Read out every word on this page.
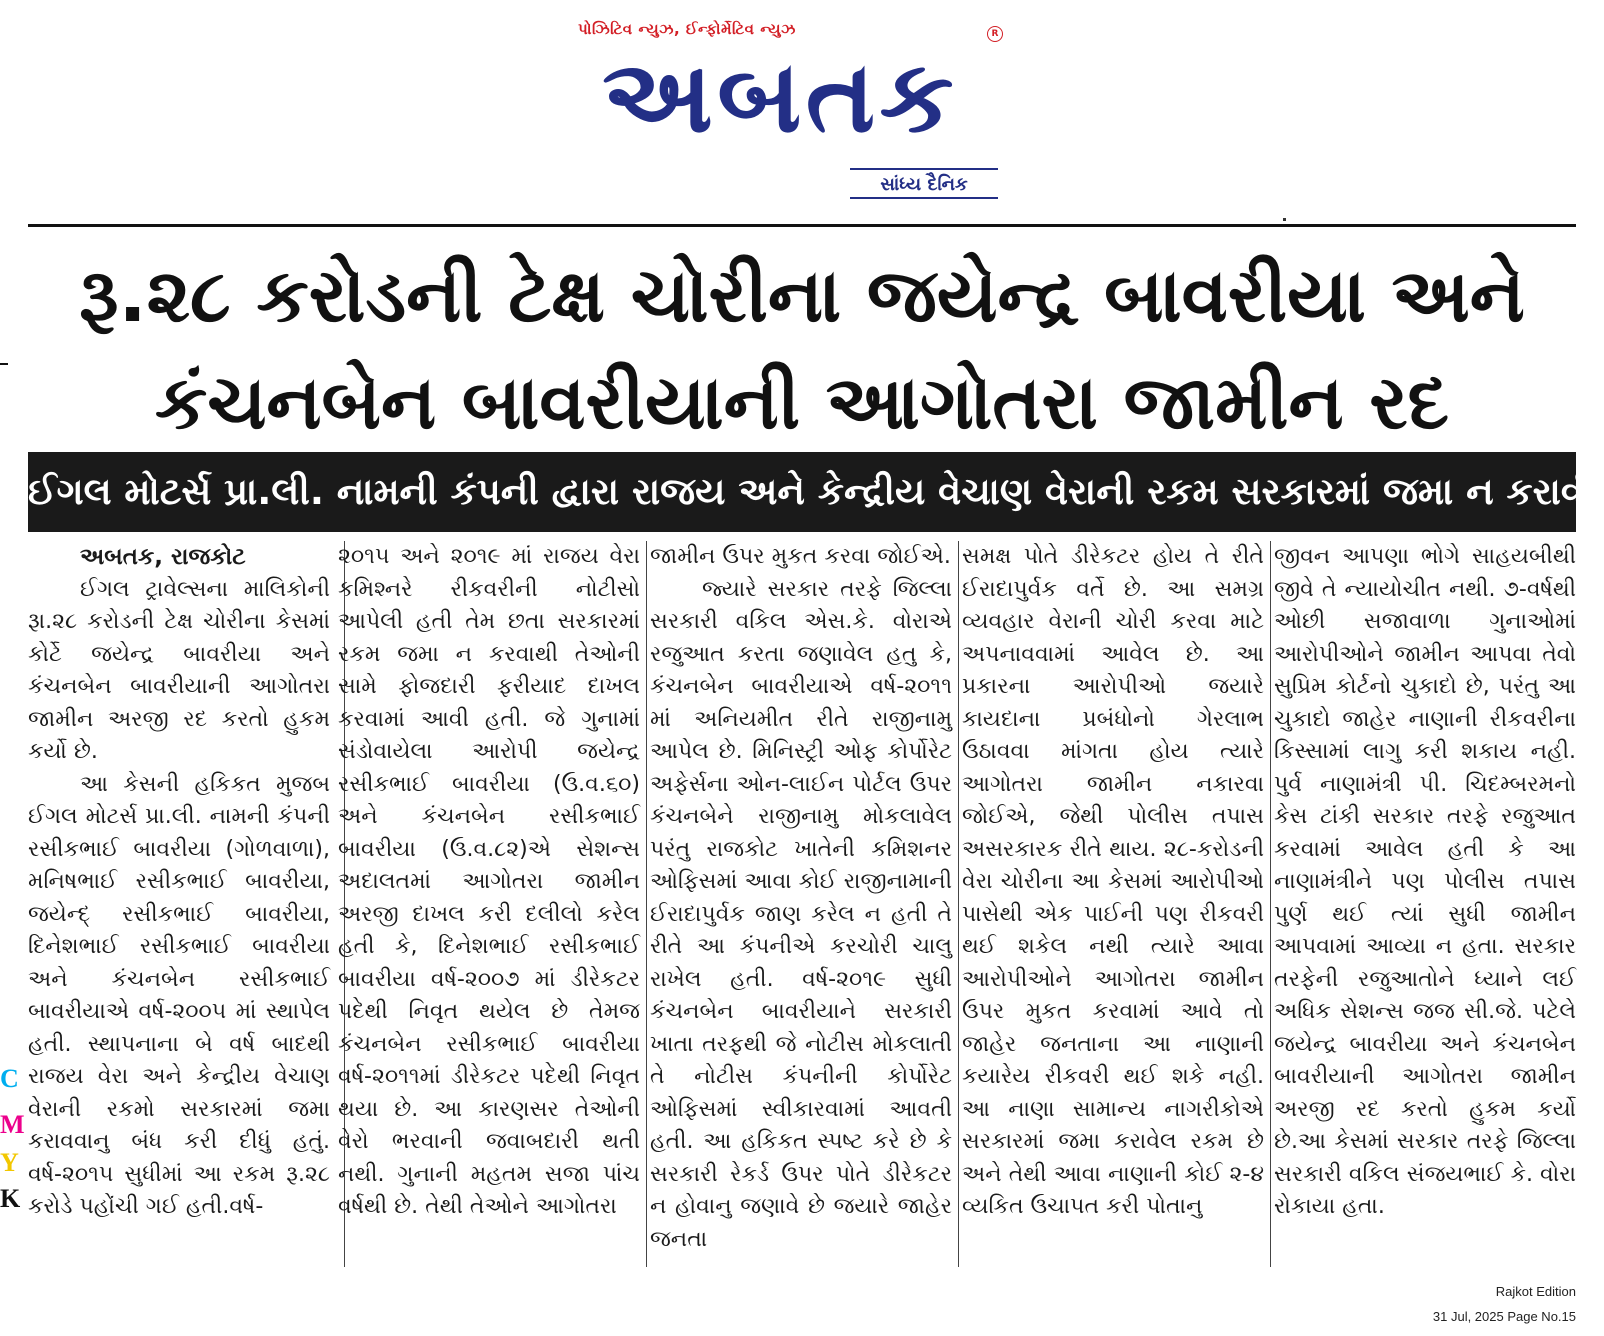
પોઝિટિવ ન્યુઝ, ઈન્ફોર્મેટિવ ન્યુઝ
અબતક
R
સાંધ્ય દૈનિક
રૂ.૨૮ કરોડની ટેક્ષ ચોરીના જયેન્દ્ર બાવરીયા અને
કંચનબેન બાવરીયાની આગોતરા જામીન રદ
ઈગલ મોટર્સ પ્રા.લી. નામની કંપની દ્વારા રાજય અને કેન્દ્રીય વેચાણ વેરાની રકમ સરકારમાં જમા ન કરાવી

અબતક, રાજકોટ

ઈગલ ટ્રાવેલ્સના માલિકોની રૂા.૨૮ કરોડની ટેક્ષ ચોરીના કેસમાં કોર્ટે જયેન્દ્ર બાવરીયા અને કંચનબેન બાવરીયાની આગોતરા જામીન અરજી રદ કરતો હુકમ કર્યો છે.

આ કેસની હકિકત મુજબ ઈગલ મોટર્સ પ્રા.લી. નામની કંપની રસીકભાઈ બાવરીયા (ગોળવાળા), મનિષભાઈ રસીકભાઈ બાવરીયા, જયેન્દ્ રસીકભાઈ બાવરીયા, દિનેશભાઈ રસીકભાઈ બાવરીયા અને કંચનબેન રસીકભાઈ બાવરીયાએ વર્ષ-૨૦૦૫ માં સ્થાપેલ હતી. સ્થાપનાના બે વર્ષ બાદથી રાજય વેરા અને કેન્દ્રીય વેચાણ વેરાની રકમો સરકારમાં જમા કરાવવાનુ બંધ કરી દીધું હતું. વર્ષ-૨૦૧૫ સુધીમાં આ રકમ રૂ.૨૮ કરોડે પહોંચી ગઈ હતી.વર્ષ-

૨૦૧૫ અને ૨૦૧૯ માં રાજય વેરા કમિશ્નરે રીકવરીની નોટીસો આપેલી હતી તેમ છતા સરકારમાં રકમ જમા ન કરવાથી તેઓની સામે ફોજદારી ફરીયાદ દાખલ કરવામાં આવી હતી. જે ગુનામાં સંડોવાયેલા આરોપી જયેન્દ્ર રસીકભાઈ બાવરીયા (ઉ.વ.૬૦) અને કંચનબેન રસીકભાઈ બાવરીયા (ઉ.વ.૮૨)એ સેશન્સ અદાલતમાં આગોતરા જામીન અરજી દાખલ કરી દલીલો કરેલ હતી કે, દિનેશભાઈ રસીકભાઈ બાવરીયા વર્ષ-૨૦૦૭ માં ડીરેકટર પદેથી નિવૃત થયેલ છે તેમજ કંચનબેન રસીકભાઈ બાવરીયા વર્ષ-૨૦૧૧માં ડીરેકટર પદેથી નિવૃત થયા છે. આ કારણસર તેઓની વેરો ભરવાની જવાબદારી થતી નથી. ગુનાની મહતમ સજા પાંચ વર્ષથી છે. તેથી તેઓને આગોતરા

જામીન ઉપર મુકત કરવા જોઈએ.

જ્યારે સરકાર તરફે જિલ્લા સરકારી વકિલ એસ.કે. વોરાએ રજુઆત કરતા જણાવેલ હતુ કે, કંચનબેન બાવરીયાએ વર્ષ-૨૦૧૧ માં અનિયમીત રીતે રાજીનામુ આપેલ છે. મિનિસ્ટ્રી ઓફ કોર્પોરેટ અફેર્સના ઓન-લાઈન પોર્ટલ ઉપર કંચનબેને રાજીનામુ મોકલાવેલ પરંતુ રાજકોટ ખાતેની કમિશનર ઓફિસમાં આવા કોઈ રાજીનામાની ઈરાદાપુર્વક જાણ કરેલ ન હતી તે રીતે આ કંપનીએ કરચોરી ચાલુ રાખેલ હતી. વર્ષ-૨૦૧૯ સુધી કંચનબેન બાવરીયાને સરકારી ખાતા તરફથી જે નોટીસ મોકલાતી તે નોટીસ કંપનીની કોર્પોરેટ ઓફિસમાં સ્વીકારવામાં આવતી હતી. આ હકિકત સ્પષ્ટ કરે છે કે સરકારી રેકર્ડ ઉપર પોતે ડીરેકટર ન હોવાનુ જણાવે છે જયારે જાહેર જનતા

સમક્ષ પોતે ડીરેકટર હોય તે રીતે ઈરાદાપુર્વક વર્તે છે. આ સમગ્ર વ્યવહાર વેરાની ચોરી કરવા માટે અપનાવવામાં આવેલ છે. આ પ્રકારના આરોપીઓ જયારે કાયદાના પ્રબંધોનો ગેરલાભ ઉઠાવવા માંગતા હોય ત્યારે આગોતરા જામીન નકારવા જોઈએ, જેથી પોલીસ તપાસ અસરકારક રીતે થાય. ૨૮-કરોડની વેરા ચોરીના આ કેસમાં આરોપીઓ પાસેથી એક પાઈની પણ રીકવરી થઈ શકેલ નથી ત્યારે આવા આરોપીઓને આગોતરા જામીન ઉપર મુકત કરવામાં આવે તો જાહેર જનતાના આ નાણાની કયારેય રીકવરી થઈ શકે નહી. આ નાણા સામાન્ય નાગરીકોએ સરકારમાં જમા કરાવેલ રકમ છે અને તેથી આવા નાણાની કોઈ ૨-૪ વ્યકિત ઉચાપત કરી પોતાનુ

જીવન આપણા ભોગે સાહયબીથી જીવે તે ન્યાયોચીત નથી. ૭-વર્ષથી ઓછી સજાવાળા ગુનાઓમાં આરોપીઓને જામીન આપવા તેવો સુપ્રિમ કોર્ટનો ચુકાદો છે, પરંતુ આ ચુકાદો જાહેર નાણાની રીકવરીના કિસ્સામાં લાગુ કરી શકાય નહી. પુર્વ નાણામંત્રી પી. ચિદમ્બરમનો કેસ ટાંકી સરકાર તરફે રજુઆત કરવામાં આવેલ હતી કે આ નાણામંત્રીને પણ પોલીસ તપાસ પુર્ણ થઈ ત્યાં સુધી જામીન આપવામાં આવ્યા ન હતા. સરકાર તરફેની રજુઆતોને ધ્યાને લઈ અધિક સેશન્સ જજ સી.જે. પટેલે જયેન્દ્ર બાવરીયા અને કંચનબેન બાવરીયાની આગોતરા જામીન અરજી રદ કરતો હુકમ કર્યો છે.આ કેસમાં સરકાર તરફે જિલ્લા સરકારી વકિલ સંજયભાઈ કે. વોરા રોકાયા હતા.

C
M
Y
K
Rajkot Edition
31 Jul, 2025 Page No.15
